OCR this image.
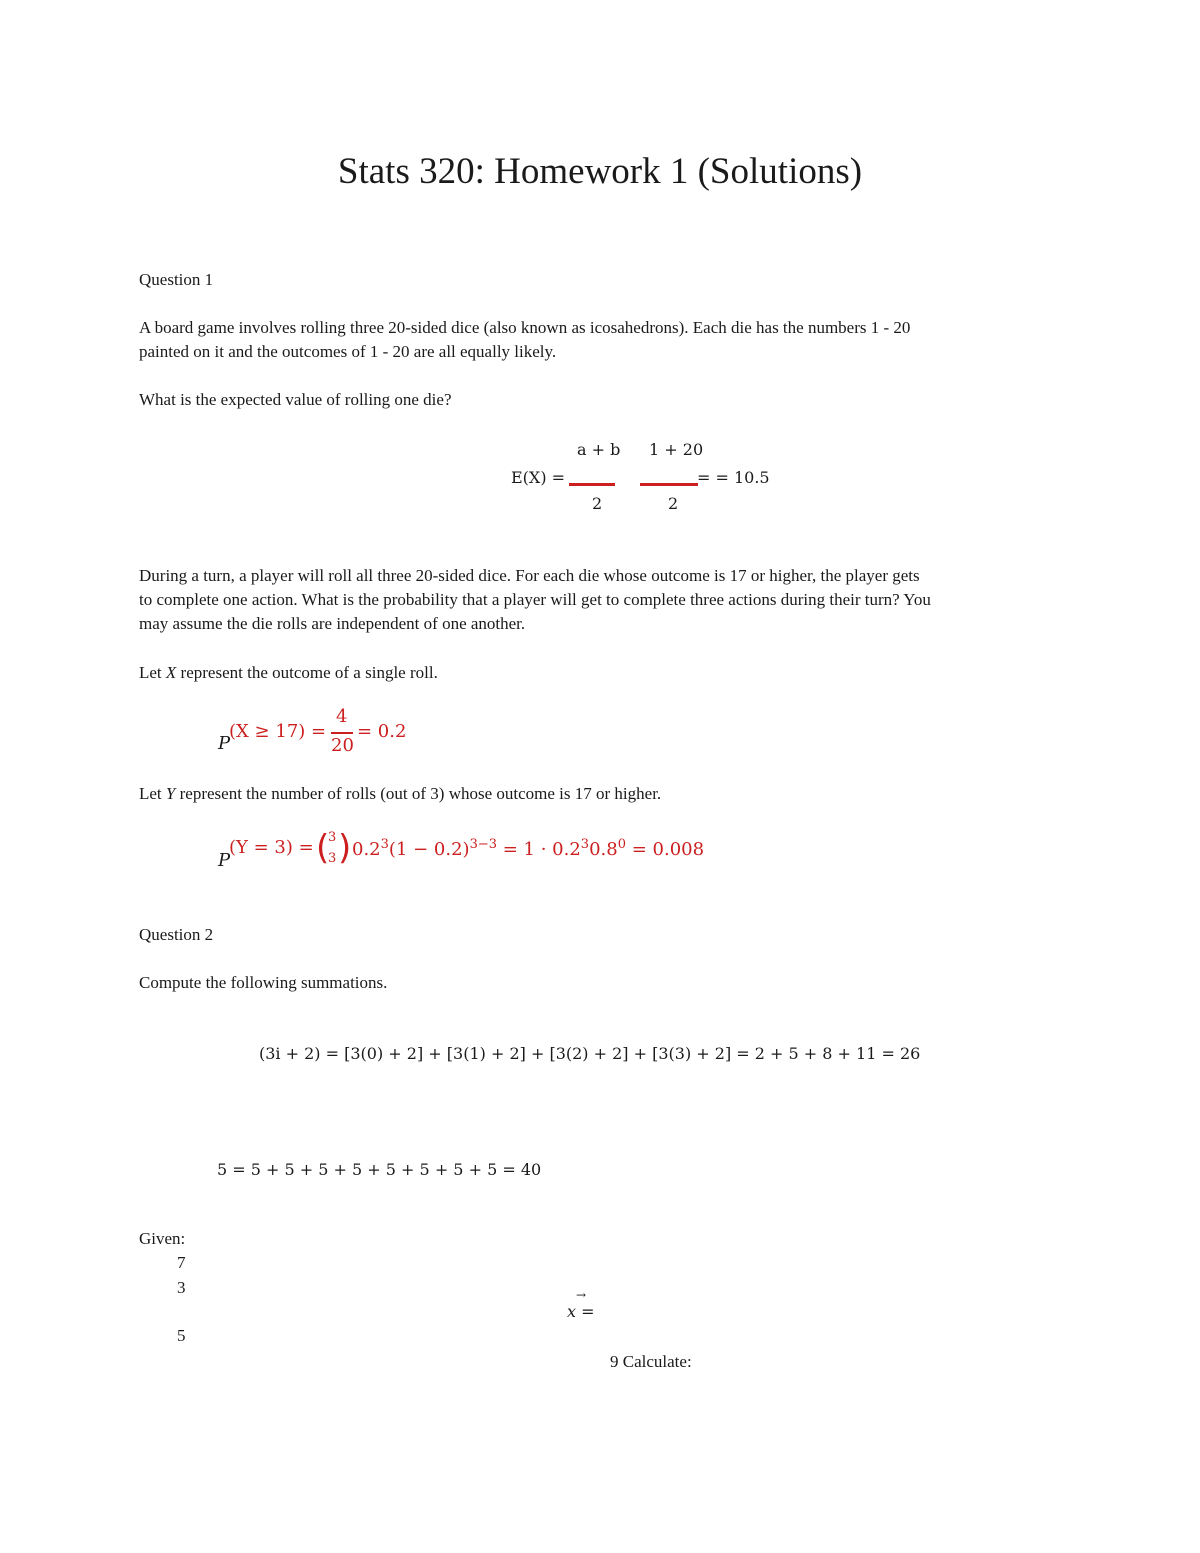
Stats 320: Homework 1 (Solutions)
Question 1
A board game involves rolling three 20-sided dice (also known as icosahedrons). Each die has the numbers 1 - 20
painted on it and the outcomes of 1 - 20 are all equally likely.
What is the expected value of rolling one die?
E(X) =
a + b
2
1 + 20
2
= = 10.5
During a turn, a player will roll all three 20-sided dice. For each die whose outcome is 17 or higher, the player gets
to complete one action. What is the probability that a player will get to complete three actions during their turn? You
may assume the die rolls are independent of one another.
Let X represent the outcome of a single roll.
P
(X ≥ 17) =
4
20
= 0.2
Let Y represent the number of rolls (out of 3) whose outcome is 17 or higher.
P
(Y = 3) = (
3
3 ) $0.2^3(1 - 0.2)^{3-3} = 1 \cdot 0.2^30.8^0 = 0.008$
Question 2
Compute the following summations.
(3i + 2) = [3(0) + 2] + [3(1) + 2] + [3(2) + 2] + [3(3) + 2] = 2 + 5 + 8 + 11 = 26
5 = 5 + 5 + 5 + 5 + 5 + 5 + 5 + 5 = 40
Given:
7
3
5
→
x =
9 Calculate:
